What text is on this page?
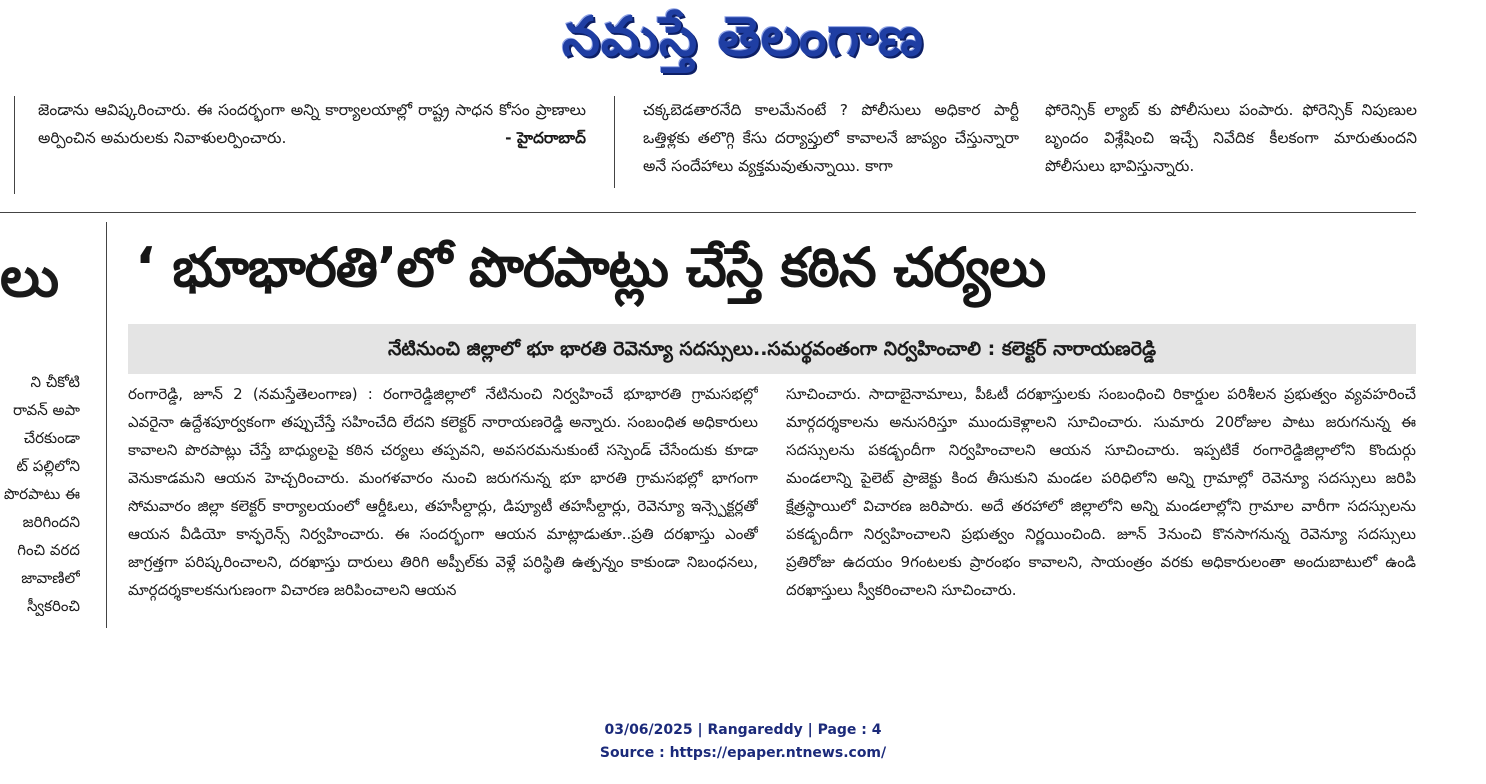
నమస్తే తెలంగాణ

జెండాను ఆవిష్కరించారు. ఈ సందర్భంగా అన్ని కార్యాలయాల్లో రాష్ట్ర సాధన కోసం ప్రాణాలు అర్పించిన అమరులకు నివాళులర్పించారు.	- హైదరాబాద్

చక్కబెడతారనేది కాలమేనంటే ? పోలీసులు అధికార పార్టీ ఒత్తిళ్లకు తలొగ్గి కేసు దర్యాప్తులో కావాలనే జాప్యం చేస్తున్నారా అనే సందేహాలు వ్యక్తమవుతున్నాయి. కాగా

ఫోరెన్సిక్ ల్యాబ్ కు పోలీసులు పంపారు. ఫోరెన్సిక్ నిపుణుల బృందం విశ్లేషించి ఇచ్చే నివేదిక కీలకంగా మారుతుందని పోలీసులు భావిస్తున్నారు.

లు
ని చీకోటి
రావన్ అపా
చేరకుండా
ట్ పల్లిలోని
పొరపాటు ఈ
జరిగిందని
గించి వరద
జావాణిలో
స్వీకరించి
‘ భూభారతి’లో పొరపాట్లు చేస్తే కఠిన చర్యలు
నేటినుంచి జిల్లాలో భూ భారతి రెవెన్యూ సదస్సులు..సమర్థవంతంగా నిర్వహించాలి : కలెక్టర్ నారాయణరెడ్డి

రంగారెడ్డి, జూన్ 2 (నమస్తేతెలంగాణ) : రంగారెడ్డిజిల్లాలో నేటినుంచి నిర్వహించే భూభారతి గ్రామసభల్లో ఎవరైనా ఉద్దేశపూర్వకంగా తప్పుచేస్తే సహించేది లేదని కలెక్టర్ నారాయణరెడ్డి అన్నారు. సంబంధిత అధికారులు కావాలని పొరపాట్లు చేస్తే బాధ్యులపై కఠిన చర్యలు తప్పవని, అవసరమనుకుంటే సస్పెండ్ చేసేందుకు కూడా వెనుకాడమని ఆయన హెచ్చరించారు. మంగళవారం నుంచి జరుగనున్న భూ భారతి గ్రామసభల్లో భాగంగా సోమవారం జిల్లా కలెక్టర్ కార్యాలయంలో ఆర్డీఓలు, తహసీల్దార్లు, డిప్యూటీ తహసీల్దార్లు, రెవెన్యూ ఇన్స్పెక్టర్లతో ఆయన వీడియో కాన్ఫరెన్స్ నిర్వహించారు. ఈ సందర్భంగా ఆయన మాట్లాడుతూ..ప్రతి దరఖాస్తు ఎంతో జాగ్రత్తగా పరిష్కరించాలని, దరఖాస్తు దారులు తిరిగి అప్పీల్‌కు వెళ్లే పరిస్థితి ఉత్పన్నం కాకుండా నిబంధనలు, మార్గదర్శకాలకనుగుణంగా విచారణ జరిపించాలని ఆయన

సూచించారు. సాదాబైనామాలు, పీఓటీ దరఖాస్తులకు సంబంధించి రికార్డుల పరిశీలన ప్రభుత్వం వ్యవహరించే మార్గదర్శకాలను అనుసరిస్తూ ముందుకెళ్లాలని సూచించారు. సుమారు 20రోజుల పాటు జరుగనున్న ఈ సదస్సులను పకడ్బందీగా నిర్వహించాలని ఆయన సూచించారు. ఇప్పటికే రంగారెడ్డిజిల్లాలోని కొందుర్గు మండలాన్ని పైలెట్ ప్రాజెక్టు కింద తీసుకుని మండల పరిధిలోని అన్ని గ్రామాల్లో రెవెన్యూ సదస్సులు జరిపి క్షేత్రస్థాయిలో విచారణ జరిపారు. అదే తరహాలో జిల్లాలోని అన్ని మండలాల్లోని గ్రామాల వారీగా సదస్సులను పకడ్బందీగా నిర్వహించాలని ప్రభుత్వం నిర్ణయించింది. జూన్ 3నుంచి కొనసాగనున్న రెవెన్యూ సదస్సులు ప్రతిరోజు ఉదయం 9గంటలకు ప్రారంభం కావాలని, సాయంత్రం వరకు అధికారులంతా అందుబాటులో ఉండి దరఖాస్తులు స్వీకరించాలని సూచించారు.

03/06/2025 | Rangareddy | Page : 4
Source : https://epaper.ntnews.com/
